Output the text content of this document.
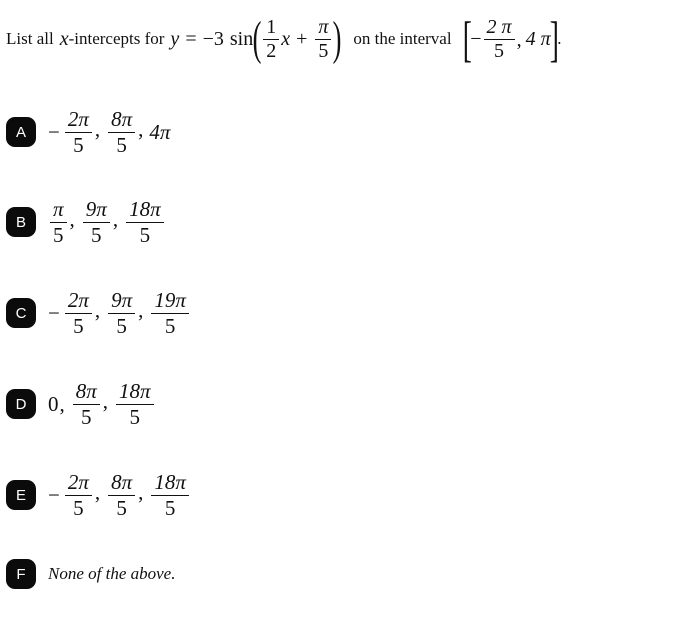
List all x -intercepts for y = −3 sin ( $\frac{1}{2}$ $x + \frac{\pi}{5}$ ) on the interval [
− $\frac{2 \pi}{5}$ , 4 π
]
.
A	− $\frac{2\pi}{5}$ , $\frac{8\pi}{5}$ , 4π
B	$\frac{\pi}{5}$ , $\frac{9\pi}{5}$ , $\frac{18\pi}{5}$
C	− $\frac{2\pi}{5}$ , $\frac{9\pi}{5}$ , $\frac{19\pi}{5}$
D	0 , $\frac{8\pi}{5}$ , $\frac{18\pi}{5}$
E	− $\frac{2\pi}{5}$ , $\frac{8\pi}{5}$ , $\frac{18\pi}{5}$
F	None of the above.
